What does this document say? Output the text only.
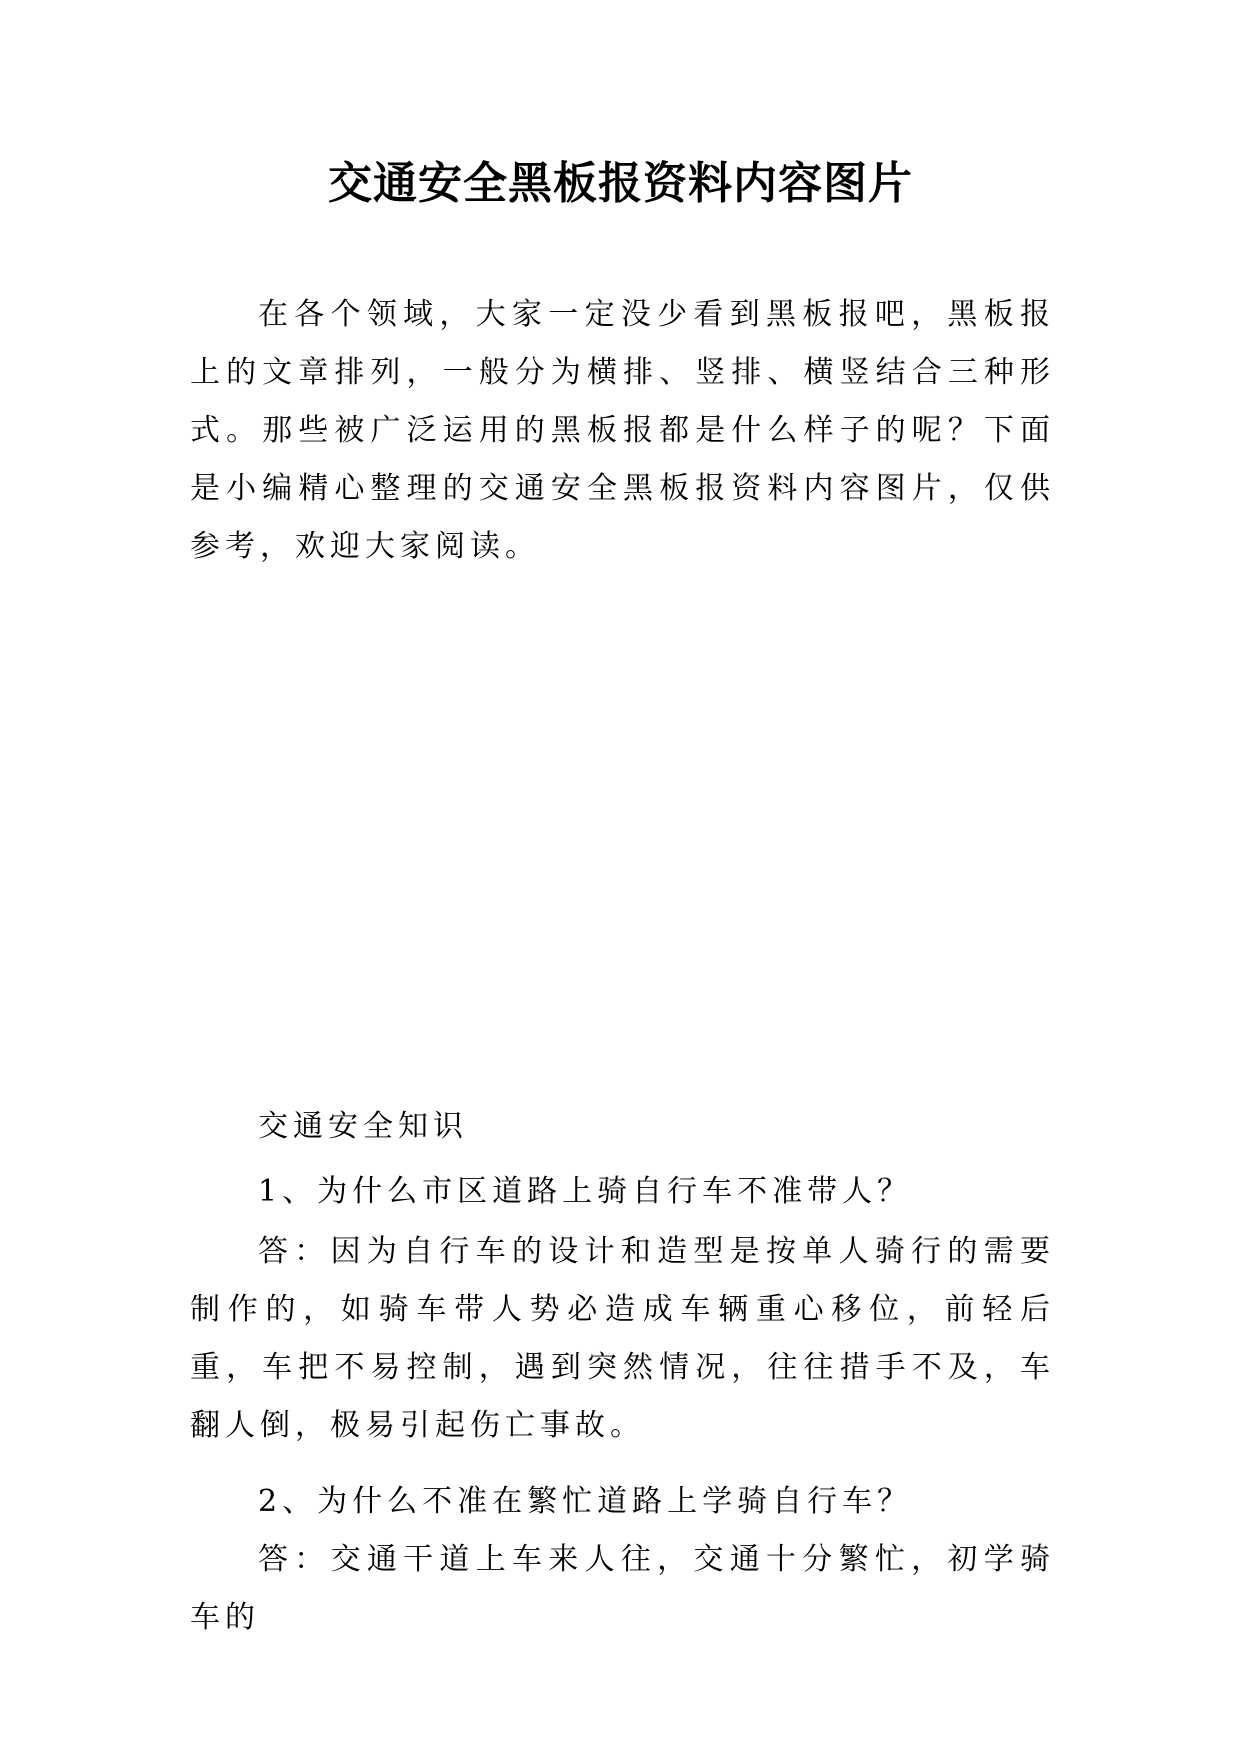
交通安全黑板报资料内容图片

在各个领域，大家一定没少看到黑板报吧，黑板报上的文章排列，一般分为横排、竖排、横竖结合三种形式。那些被广泛运用的黑板报都是什么样子的呢？下面是小编精心整理的交通安全黑板报资料内容图片，仅供参考，欢迎大家阅读。

交通安全知识

1、为什么市区道路上骑自行车不准带人？

答：因为自行车的设计和造型是按单人骑行的需要制作的，如骑车带人势必造成车辆重心移位，前轻后重，车把不易控制，遇到突然情况，往往措手不及，车翻人倒，极易引起伤亡事故。

2、为什么不准在繁忙道路上学骑自行车？

答：交通干道上车来人往，交通十分繁忙，初学骑车的
